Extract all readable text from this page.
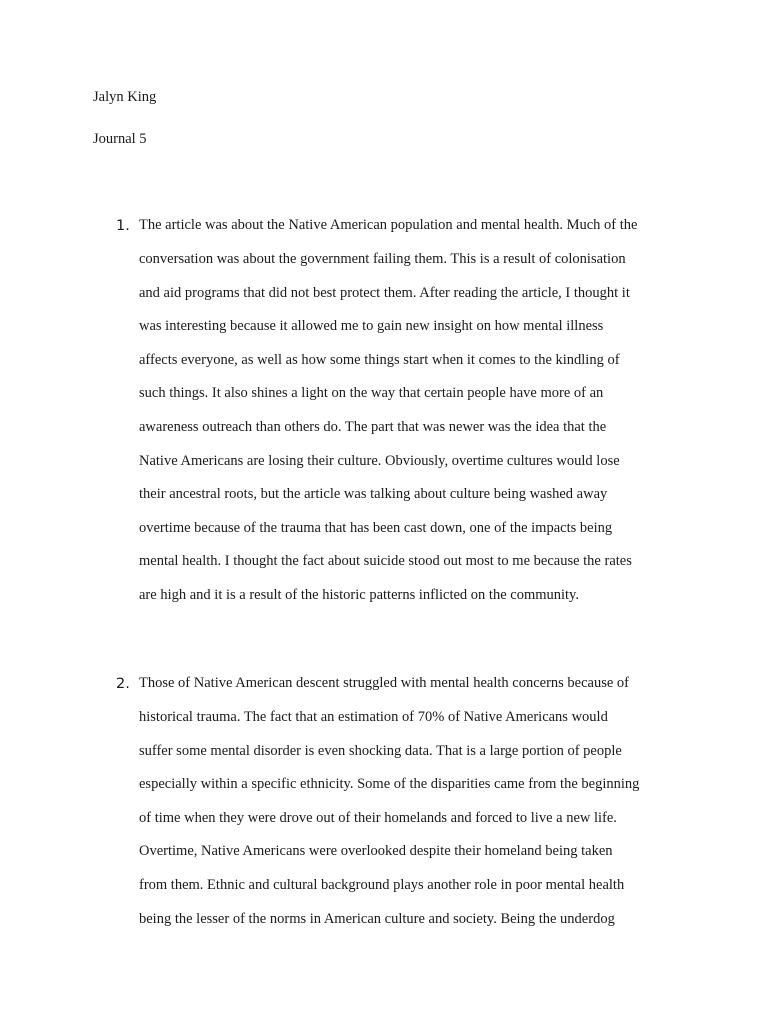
Jalyn King
Journal 5
1. The article was about the Native American population and mental health. Much of the
conversation was about the government failing them. This is a result of colonisation
and aid programs that did not best protect them. After reading the article, I thought it
was interesting because it allowed me to gain new insight on how mental illness
affects everyone, as well as how some things start when it comes to the kindling of
such things. It also shines a light on the way that certain people have more of an
awareness outreach than others do. The part that was newer was the idea that the
Native Americans are losing their culture. Obviously, overtime cultures would lose
their ancestral roots, but the article was talking about culture being washed away
overtime because of the trauma that has been cast down, one of the impacts being
mental health. I thought the fact about suicide stood out most to me because the rates
are high and it is a result of the historic patterns inflicted on the community.
2. Those of Native American descent struggled with mental health concerns because of
historical trauma. The fact that an estimation of 70% of Native Americans would
suffer some mental disorder is even shocking data. That is a large portion of people
especially within a specific ethnicity. Some of the disparities came from the beginning
of time when they were drove out of their homelands and forced to live a new life.
Overtime, Native Americans were overlooked despite their homeland being taken
from them. Ethnic and cultural background plays another role in poor mental health
being the lesser of the norms in American culture and society. Being the underdog
